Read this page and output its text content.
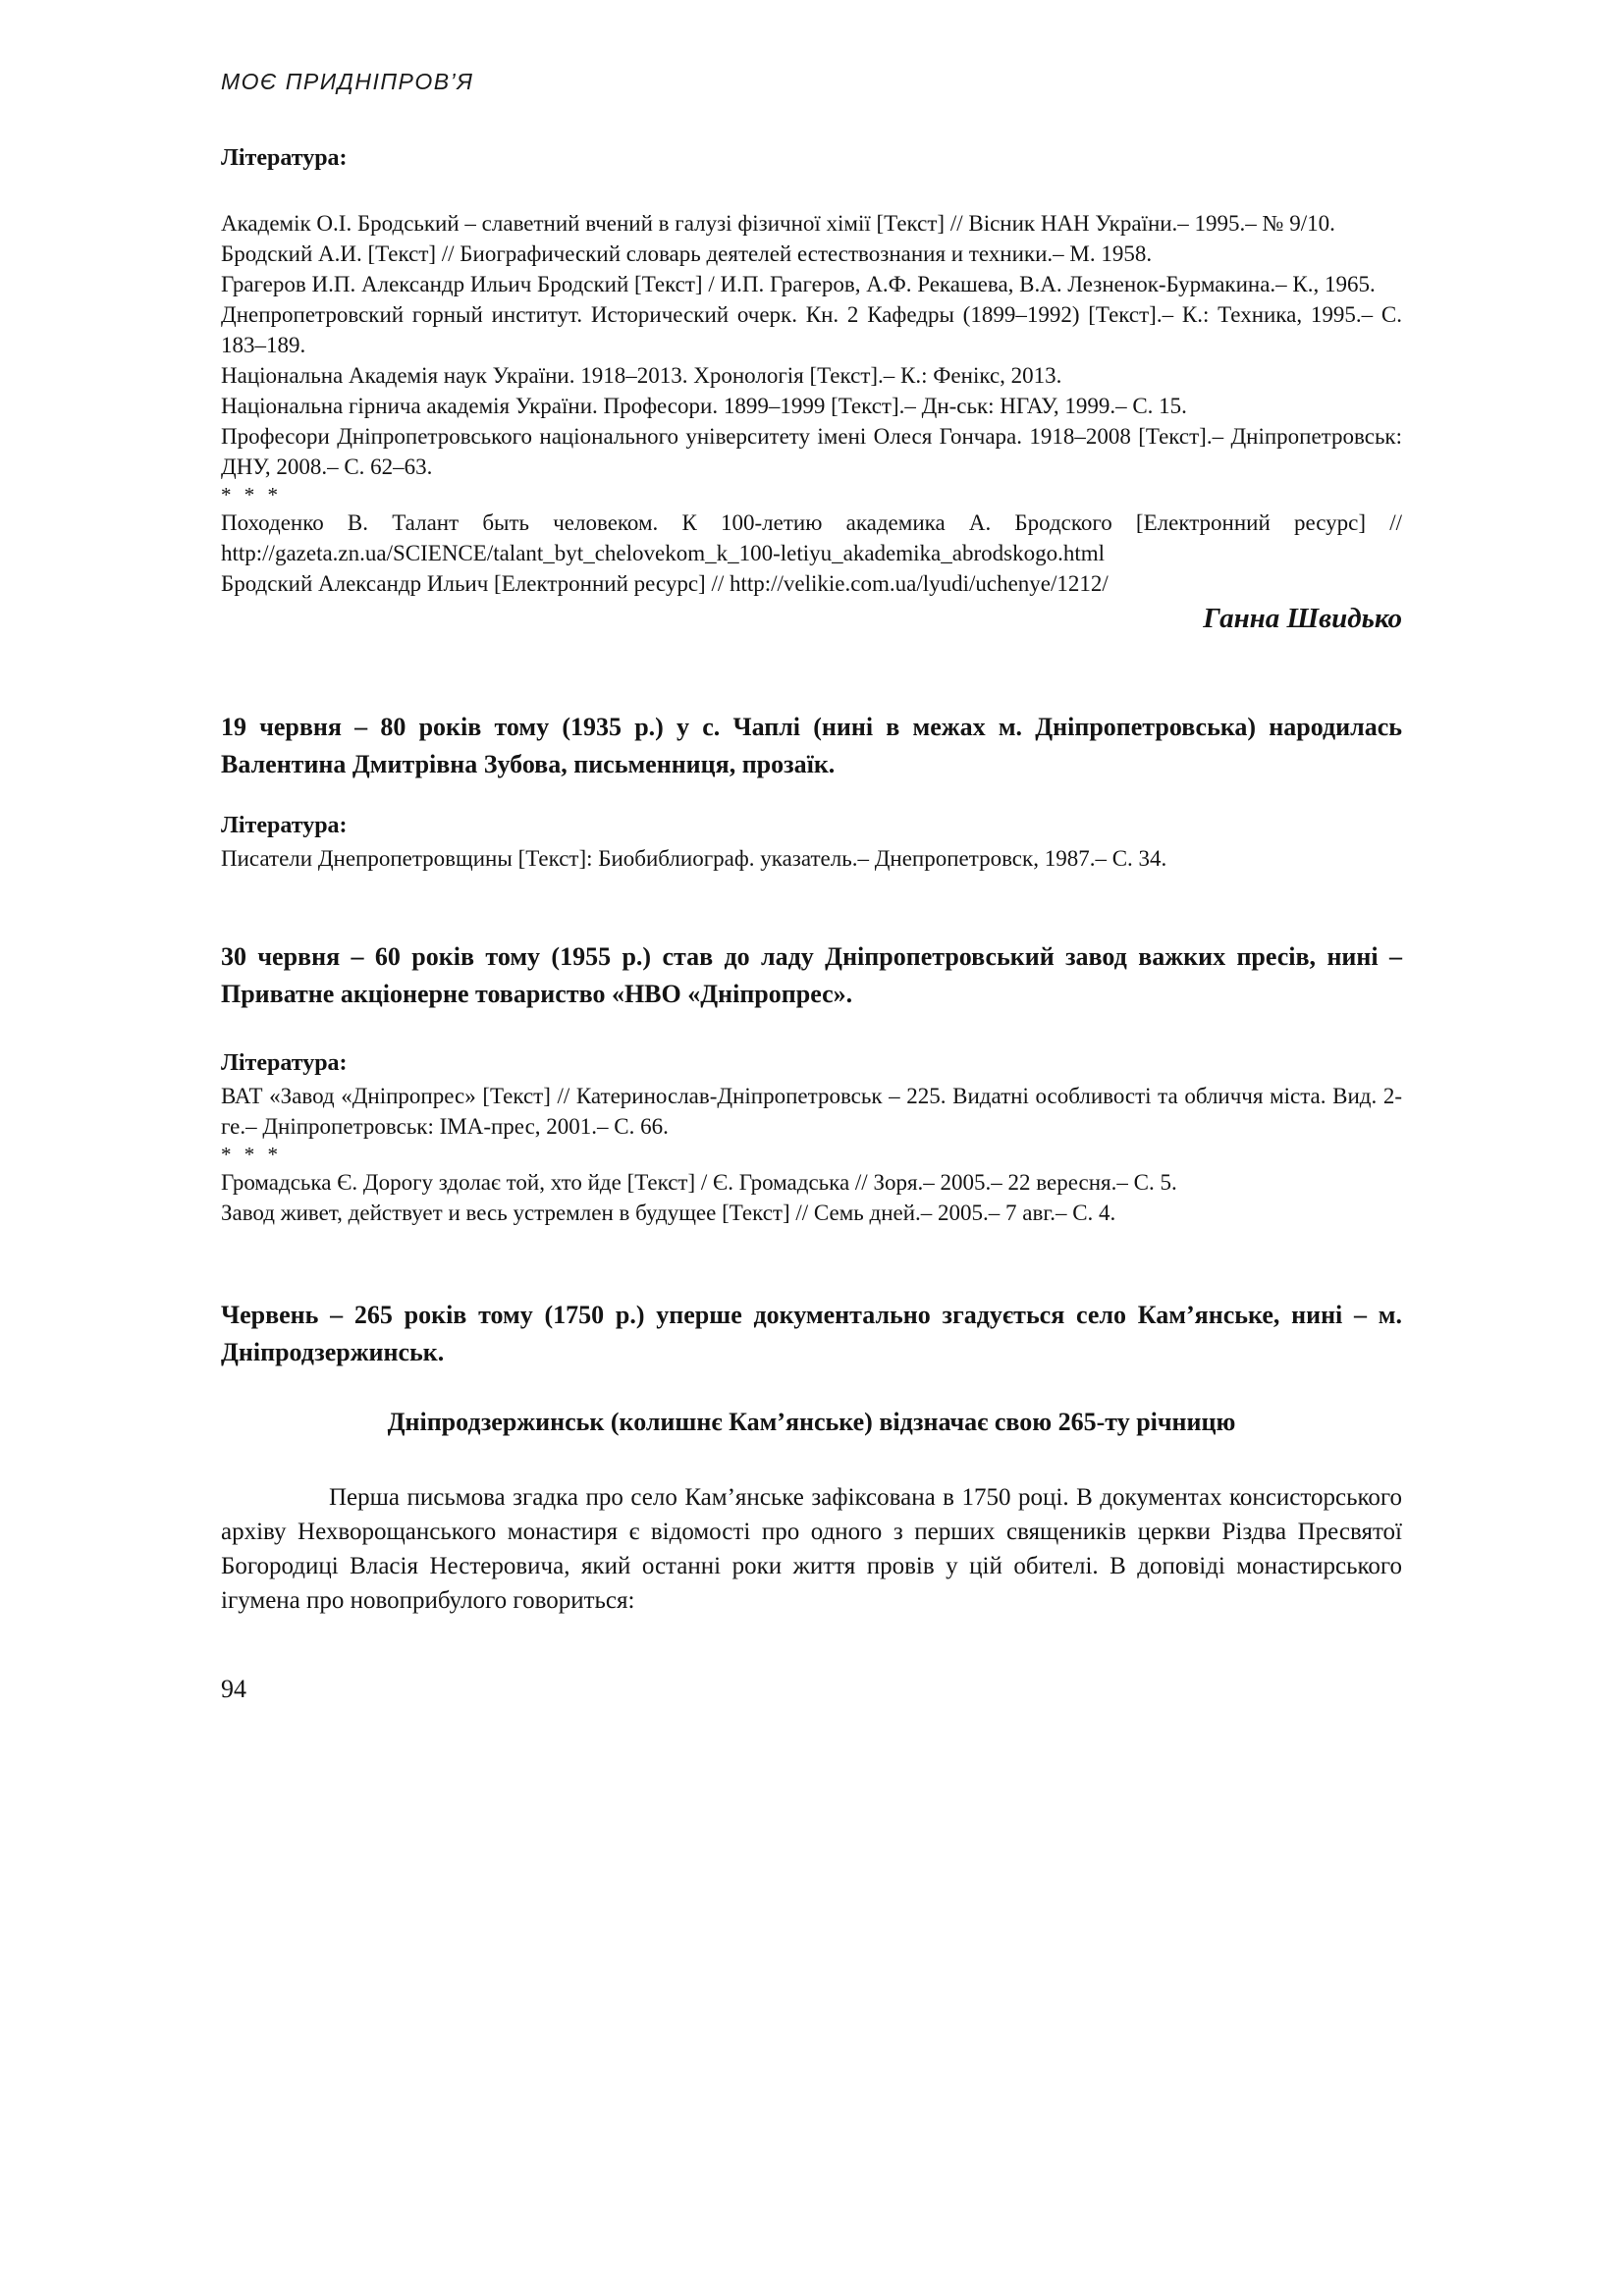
МОЄ ПРИДНІПРОВ’Я
Література:

Академік О.І. Бродський – славетний вчений в галузі фізичної хімії [Текст] // Вісник НАН України.– 1995.– № 9/10.

Бродский А.И. [Текст] // Биографический словарь деятелей естествознания и техники.– М. 1958.

Грагеров И.П. Александр Ильич Бродский [Текст] / И.П. Грагеров, А.Ф. Рекашева, В.А. Лезненок-Бурмакина.– К., 1965.

Днепропетровский горный институт. Исторический очерк. Кн. 2 Кафедры (1899–1992) [Текст].– К.: Техника, 1995.– С. 183–189.

Національна Академія наук України. 1918–2013. Хронологія [Текст].– К.: Фенікс, 2013.

Національна гірнича академія України. Професори. 1899–1999 [Текст].– Дн-ськ: НГАУ, 1999.– С. 15.

Професори Дніпропетровського національного університету імені Олеся Гончара. 1918–2008 [Текст].– Дніпропетровськ: ДНУ, 2008.– С. 62–63.

* * *

Походенко В. Талант быть человеком. К 100-летию академика А. Бродского [Електронний ресурс] // http://gazeta.zn.ua/SCIENCE/talant_byt_chelovekom_k_100-letiyu_akademika_abrodskogo.html

Бродский Александр Ильич [Електронний ресурс] // http://velikie.com.ua/lyudi/uchenye/1212/

Ганна Швидько
19 червня – 80 років тому (1935 р.) у с. Чаплі (нині в межах м. Дніпропетровська) народилась Валентина Дмитрівна Зубова, письменниця, прозаїк.
Література:

Писатели Днепропетровщины [Текст]: Биобиблиограф. указатель.– Днепропетровск, 1987.– С. 34.

30 червня – 60 років тому (1955 р.) став до ладу Дніпропетровський завод важких пресів, нині – Приватне акціонерне товариство «НВО «Дніпропрес».
Література:

ВАТ «Завод «Дніпропрес» [Текст] // Катеринослав-Дніпропетровськ – 225. Видатні особливості та обличчя міста. Вид. 2-ге.– Дніпропетровськ: ІМА-прес, 2001.– С. 66.

* * *

Громадська Є. Дорогу здолає той, хто йде [Текст] / Є. Громадська // Зоря.– 2005.– 22 вересня.– С. 5.

Завод живет, действует и весь устремлен в будущее [Текст] // Семь дней.– 2005.– 7 авг.– С. 4.

Червень – 265 років тому (1750 р.) уперше документально згадується село Кам’янське, нині – м. Дніпродзержинськ.
Дніпродзержинськ (колишнє Кам’янське) відзначає свою 265-ту річницю
Перша письмова згадка про село Кам’янське зафіксована в 1750 році. В документах консисторського архіву Нехворощанського монастиря є відомості про одного з перших священиків церкви Різдва Пресвятої Богородиці Власія Нестеровича, який останні роки життя провів у цій обителі. В доповіді монастирського ігумена про новоприбулого говориться:
94
